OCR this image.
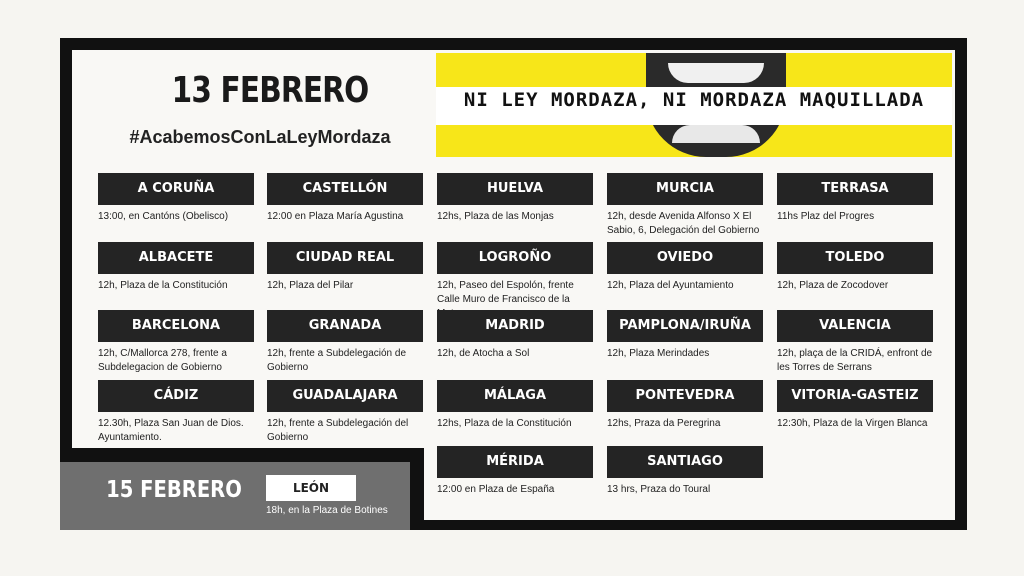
13 FEBRERO
#AcabemosConLaLeyMordaza
NI LEY MORDAZA, NI MORDAZA MAQUILLADA
A CORUÑA
13:00, en Cantóns (Obelisco)
CASTELLÓN
12:00 en Plaza María Agustina
HUELVA
12hs, Plaza de las Monjas
MURCIA
12h, desde Avenida Alfonso X El Sabio, 6, Delegación del Gobierno
TERRASA
11hs Plaz del Progres
ALBACETE
12h, Plaza de la Constitución
CIUDAD REAL
12h, Plaza del Pilar
LOGROÑO
12h, Paseo del Espolón, frente Calle Muro de Francisco de la
OVIEDO
12h, Plaza del Ayuntamiento
TOLEDO
12h, Plaza de Zocodover
BARCELONA
12h, C/Mallorca 278, frente a Subdelegacion de Gobierno
GRANADA
12h, frente a Subdelegación de Gobierno
MADRID
12h, de Atocha a Sol
PAMPLONA/IRUÑA
12h, Plaza Merindades
VALENCIA
12h, plaça de la CRIDÁ, enfront de les Torres de Serrans
CÁDIZ
12.30h, Plaza San Juan de Dios. Ayuntamiento.
GUADALAJARA
12h, frente a Subdelegación del Gobierno
MÁLAGA
12hs, Plaza de la Constitución
PONTEVEDRA
12hs, Praza da Peregrina
VITORIA-GASTEIZ
12:30h, Plaza de la Virgen Blanca
MÉRIDA
12:00 en Plaza de España
SANTIAGO
13 hrs, Praza do Toural
15 FEBRERO	LEÓN
18h, en la Plaza de Botines
